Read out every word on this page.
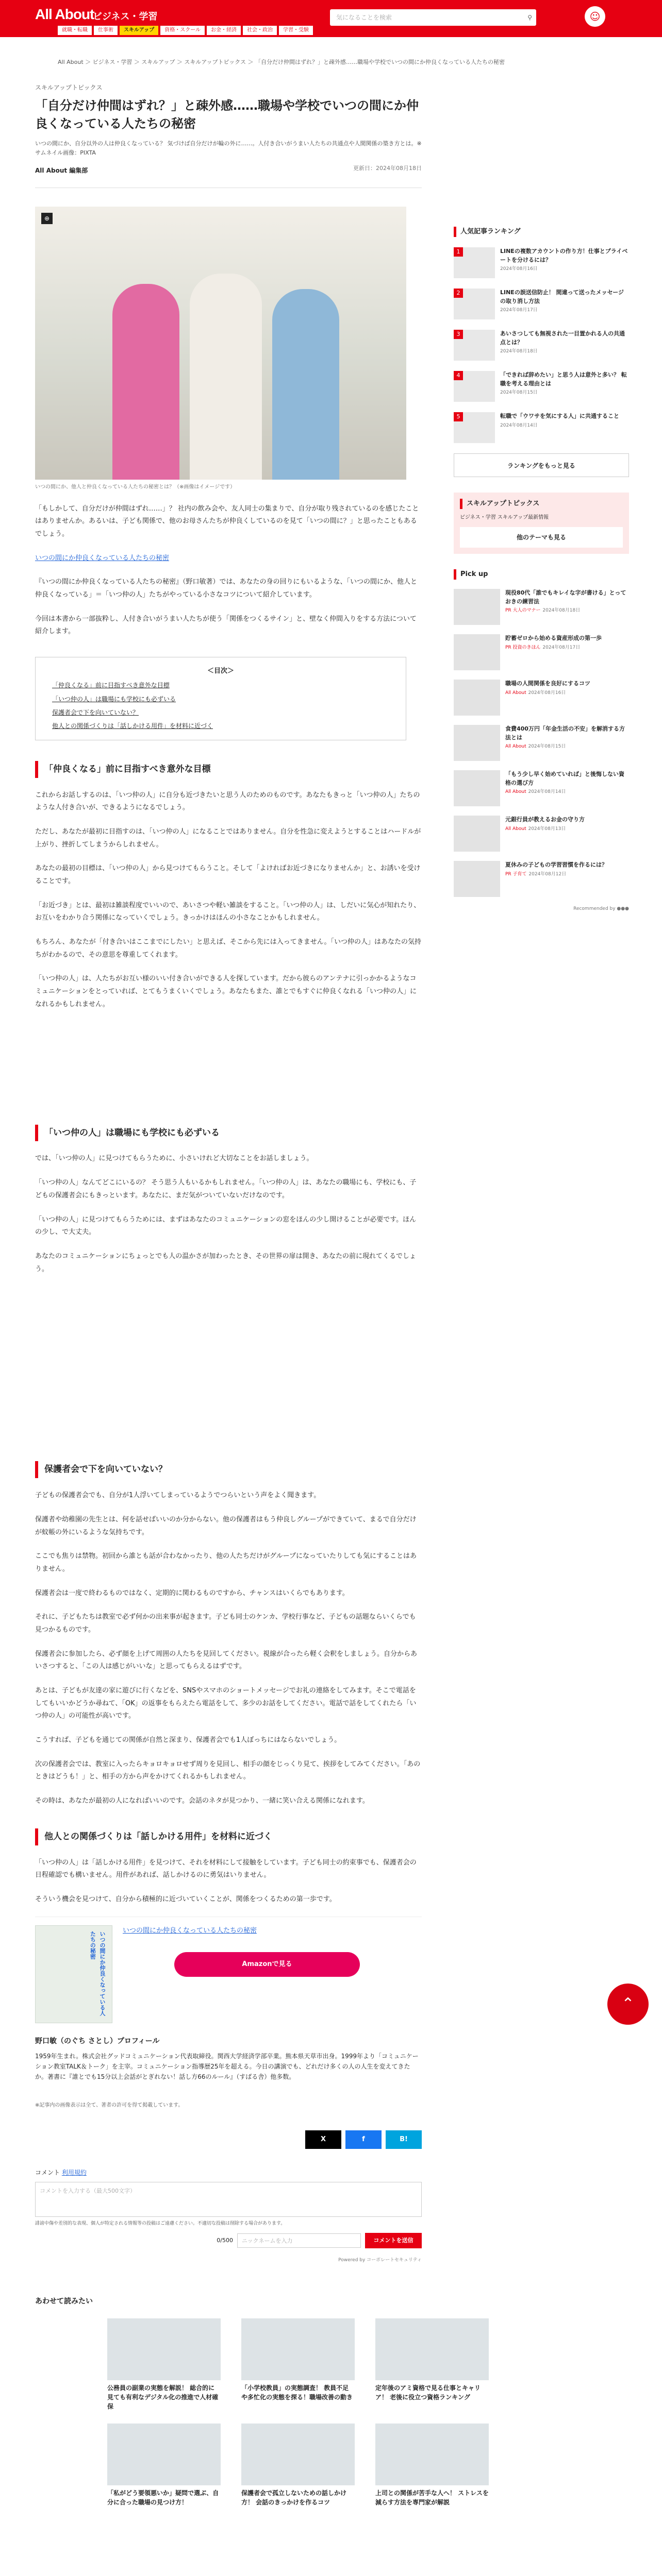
All About
ビジネス・学習
就職・転職	仕事術	スキルアップ	資格・スクール	お金・経済	社会・政治	学習・受験
気になることを検索	⚲	☺
All About ＞ ビジネス・学習 ＞ スキルアップ ＞ スキルアップトピックス ＞ 「自分だけ仲間はずれ？」と疎外感……職場や学校でいつの間にか仲良くなっている人たちの秘密
スキルアップトピックス
「自分だけ仲間はずれ？」と疎外感……職場や学校でいつの間にか仲良くなっている人たちの秘密
いつの間にか、自分以外の人は仲良くなっている？ 気づけば自分だけが輪の外に……。人付き合いがうまい人たちの共通点や人間関係の築き方とは。※サムネイル画像：PIXTA
All About 編集部	更新日：2024年08月18日
⊕
いつの間にか、他人と仲良くなっている人たちの秘密とは？（※画像はイメージです）

「もしかして、自分だけが仲間はずれ……」？ 社内の飲み会や、友人同士の集まりで、自分が取り残されているのを感じたことはありませんか。あるいは、子ども関係で、他のお母さんたちが仲良くしているのを見て「いつの間に？」と思ったこともあるでしょう。

いつの間にか仲良くなっている人たちの秘密

『いつの間にか仲良くなっている人たちの秘密』（野口敏著）では、あなたの身の回りにもいるような、「いつの間にか、他人と仲良くなっている」＝「いつ仲の人」たちがやっている小さなコツについて紹介しています。

今回は本書から一部抜粋し、人付き合いがうまい人たちが使う「関係をつくるサイン」と、壁なく仲間入りをする方法について紹介します。

＜目次＞
「仲良くなる」前に目指すべき意外な目標
「いつ仲の人」は職場にも学校にも必ずいる
保護者会で下を向いていない？
他人との関係づくりは「話しかける用件」を材料に近づく
「仲良くなる」前に目指すべき意外な目標

これからお話しするのは、「いつ仲の人」に自分も近づきたいと思う人のためのものです。あなたもきっと「いつ仲の人」たちのような人付き合いが、できるようになるでしょう。

ただし、あなたが最初に目指すのは、「いつ仲の人」になることではありません。自分を性急に変えようとすることはハードルが上がり、挫折してしまうからしれません。

あなたの最初の目標は、「いつ仲の人」から見つけてもらうこと。そして「よければお近づきになりませんか」と、お誘いを受けることです。

「お近づき」とは、最初は雑談程度でいいので、あいさつや軽い雑談をすること。「いつ仲の人」は、しだいに気心が知れたり、お互いをわかり合う関係になっていくでしょう。きっかけはほんの小さなことかもしれません。

もちろん、あなたが「付き合いはここまでにしたい」と思えば、そこから先には入ってきません。「いつ仲の人」はあなたの気持ちがわかるので、その意思を尊重してくれます。

「いつ仲の人」は、人たちがお互い様のいい付き合いができる人を探しています。だから彼らのアンテナに引っかかるようなコミュニケーションをとっていれば、とてもうまくいくでしょう。あなたもまた、誰とでもすぐに仲良くなれる「いつ仲の人」になれるかもしれません。

「いつ仲の人」は職場にも学校にも必ずいる

では、「いつ仲の人」に見つけてもらうために、小さいけれど大切なことをお話しましょう。

「いつ仲の人」なんてどこにいるの？ そう思う人もいるかもしれません。「いつ仲の人」は、あなたの職場にも、学校にも、子どもの保護者会にもきっといます。あなたに、まだ気がついていないだけなのです。

「いつ仲の人」に見つけてもらうためには、まずはあなたのコミュニケーションの窓をほんの少し開けることが必要です。ほんの少し、で大丈夫。

あなたのコミュニケーションにちょっとでも人の温かさが加わったとき、その世界の扉は開き、あなたの前に現れてくるでしょう。

保護者会で下を向いていない？

子どもの保護者会でも、自分が1人浮いてしまっているようでつらいという声をよく聞きます。

保護者や幼稚園の先生とは、何を話せばいいのか分からない。他の保護者はもう仲良しグループができていて、まるで自分だけが蚊帳の外にいるような気持ちです。

ここでも焦りは禁物。初回から誰とも話が合わなかったり、他の人たちだけがグループになっていたりしても気にすることはありません。

保護者会は一度で終わるものではなく、定期的に関わるものですから、チャンスはいくらでもあります。

それに、子どもたちは教室で必ず何かの出来事が起きます。子ども同士のケンカ、学校行事など、子どもの話題ならいくらでも見つかるものです。

保護者会に参加したら、必ず顔を上げて周囲の人たちを見回してください。視線が合ったら軽く会釈をしましょう。自分からあいさつすると、「この人は感じがいいな」と思ってもらえるはずです。

あとは、子どもが友達の家に遊びに行くなどを、SNSやスマホのショートメッセージでお礼の連絡をしてみます。そこで電話をしてもいいかどうか尋ねて、「OK」の返事をもらえたら電話をして、多少のお話をしてください。電話で話をしてくれたら「いつ仲の人」の可能性が高いです。

こうすれば、子どもを通じての関係が自然と深まり、保護者会でも1人ぼっちにはならないでしょう。

次の保護者会では、教室に入ったらキョロキョロせず周りを見回し、相手の顔をじっくり見て、挨拶をしてみてください。「あのときはどうも！」と、相手の方から声をかけてくれるかもしれません。

その時は、あなたが最初の人になればいいのです。会話のネタが見つかり、一緒に笑い合える関係になれます。

他人との関係づくりは「話しかける用件」を材料に近づく

「いつ仲の人」は「話しかける用件」を見つけて、それを材料にして接触をしています。子ども同士の約束事でも、保護者会の日程確認でも構いません。用件があれば、話しかけるのに勇気はいりません。

そういう機会を見つけて、自分から積極的に近づいていくことが、関係をつくるための第一歩です。

いつの間にか仲良くなっている人たちの秘密
いつの間にか仲良くなっている人たちの秘密
Amazonで見る
野口敏（のぐち さとし）プロフィール

1959年生まれ。株式会社グッドコミュニケーション代表取締役。関西大学経済学部卒業。熊本県天草市出身。1999年より「コミュニケーション教室TALK＆トーク」を主宰。コミュニケーション指導歴25年を超える。今日の講演でも、どれだけ多くの人の人生を変えてきたか。著書に『誰とでも15分以上会話がとぎれない！話し方66のルール』（すばる舎）他多数。

※記事内の画像表示は全て、著者の許可を得て掲載しています。
X	f	B!
コメント 利用規約
コメントを入力する（最大500文字）
誹謗中傷や差別的な表現、個人が特定される情報等の投稿はご遠慮ください。不適切な投稿は削除する場合があります。
0/500	ニックネームを入力	コメントを送信
Powered by コーポレートセキュリティ
あわせて読みたい
公務員の副業の実態を解説！ 総合的に見ても有利なデジタル化の推進で人材確保
「小学校教員」の実態調査！ 教員不足や多忙化の実態を探る！職場改善の動き
定年後のアミ資格で見る仕事とキャリア！ 老後に役立つ資格ランキング
「私がどう要領悪いか」疑問で選ぶ、自分に合った職場の見つけ方！
保護者会で孤立しないための話しかけ方！ 会話のきっかけを作るコツ
上司との関係が苦手な人へ！ ストレスを減らす方法を専門家が解説
人気記事ランキング
1	LINEの複数アカウントの作り方！仕事とプライベートを分けるには？
2024年08月16日
2	LINEの誤送信防止！ 間違って送ったメッセージの取り消し方法
2024年08月17日
3	あいさつしても無視された一目置かれる人の共通点とは？
2024年08月18日
4	「できれば辞めたい」と思う人は意外と多い？ 転職を考える理由とは
2024年08月15日
5	転職で「ウワサを気にする人」に共通すること
2024年08月14日
ランキングをもっと見る
スキルアップトピックス
ビジネス・学習 スキルアップ最新情報
他のテーマも見る
Pick up
現役80代「誰でもキレイな字が書ける」とっておきの練習法
PR 大人のマナー 2024年08月18日
貯蓄ゼロから始める資産形成の第一歩
PR 投資のきほん 2024年08月17日
職場の人間関係を良好にするコツ
All About 2024年08月16日
食費400万円「年金生活の不安」を解消する方法とは
All About 2024年08月15日
「もう少し早く始めていれば」と後悔しない資格の選び方
All About 2024年08月14日
元銀行員が教えるお金の守り方
All About 2024年08月13日
夏休みの子どもの学習習慣を作るには？
PR 子育て 2024年08月12日
Recommended by ●●●
⌃
